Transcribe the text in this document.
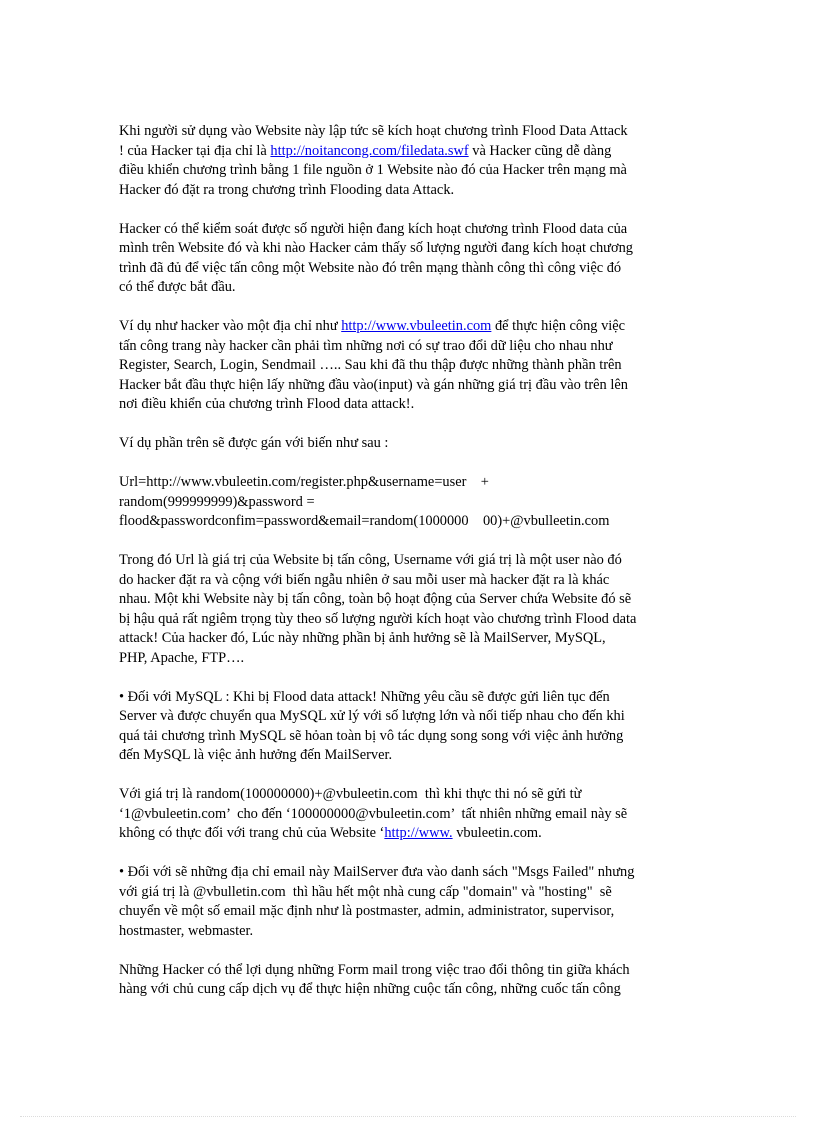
Khi người sử dụng vào Website này lập tức sẽ kích hoạt chương trình Flood Data Attack
! của Hacker tại địa chỉ là http://noitancong.com/filedata.swf và Hacker cũng dễ dàng
điều khiển chương trình bằng 1 file nguồn ở 1 Website nào đó của Hacker trên mạng mà
Hacker đó đặt ra trong chương trình Flooding data Attack.

Hacker có thể kiểm soát được số người hiện đang kích hoạt chương trình Flood data của
mình trên Website đó và khi nào Hacker cảm thấy số lượng người đang kích hoạt chương
trình đã đủ để việc tấn công một Website nào đó trên mạng thành công thì công việc đó
có thể được bắt đầu.

Ví dụ như hacker vào một địa chỉ như http://www.vbuleetin.com để thực hiện công việc
tấn công trang này hacker cần phải tìm những nơi có sự trao đổi dữ liệu cho nhau như
Register, Search, Login, Sendmail ….. Sau khi đã thu thập được những thành phần trên
Hacker bắt đầu thực hiện lấy những đầu vào(input) và gán những giá trị đầu vào trên lên
nơi điều khiển của chương trình Flood data attack!.

Ví dụ phần trên sẽ được gán với biến như sau :

Url=http://www.vbuleetin.com/register.php&username=user    +
random(999999999)&password =
flood&passwordconfim=password&email=random(1000000    00)+@vbulleetin.com

Trong đó Url là giá trị của Website bị tấn công, Username với giá trị là một user nào đó
do hacker đặt ra và cộng với biến ngẫu nhiên ở sau mỗi user mà hacker đặt ra là khác
nhau. Một khi Website này bị tấn công, toàn bộ hoạt động của Server chứa Website đó sẽ
bị hậu quả rất ngiêm trọng tùy theo số lượng người kích hoạt vào chương trình Flood data
attack! Của hacker đó, Lúc này những phần bị ảnh hưởng sẽ là MailServer, MySQL,
PHP, Apache, FTP….

• Đối với MySQL : Khi bị Flood data attack! Những yêu cầu sẽ được gửi liên tục đến
Server và được chuyển qua MySQL xử lý với số lượng lớn và nối tiếp nhau cho đến khi
quá tải chương trình MySQL sẽ hỏan toàn bị vô tác dụng song song với việc ảnh hưởng
đến MySQL là việc ảnh hưởng đến MailServer.

Với giá trị là random(100000000)+@vbuleetin.com  thì khi thực thi nó sẽ gửi từ
‘1@vbuleetin.com’  cho đến ‘100000000@vbuleetin.com’  tất nhiên những email này sẽ
không có thực đối với trang chủ của Website ‘http://www. vbuleetin.com.

• Đối với sẽ những địa chỉ email này MailServer đưa vào danh sách "Msgs Failed" nhưng
với giá trị là @vbulletin.com  thì hầu hết một nhà cung cấp "domain" và "hosting"  sẽ
chuyển về một số email mặc định như là postmaster, admin, administrator, supervisor,
hostmaster, webmaster.

Những Hacker có thể lợi dụng những Form mail trong việc trao đổi thông tin giữa khách
hàng với chủ cung cấp dịch vụ để thực hiện những cuộc tấn công, những cuốc tấn công
